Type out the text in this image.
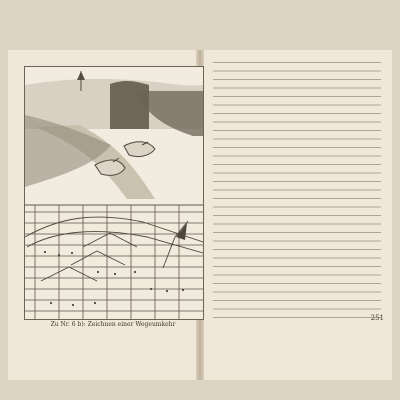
Zu Nr. 6 b): Zeichnen einer Wegeumkehr
251
